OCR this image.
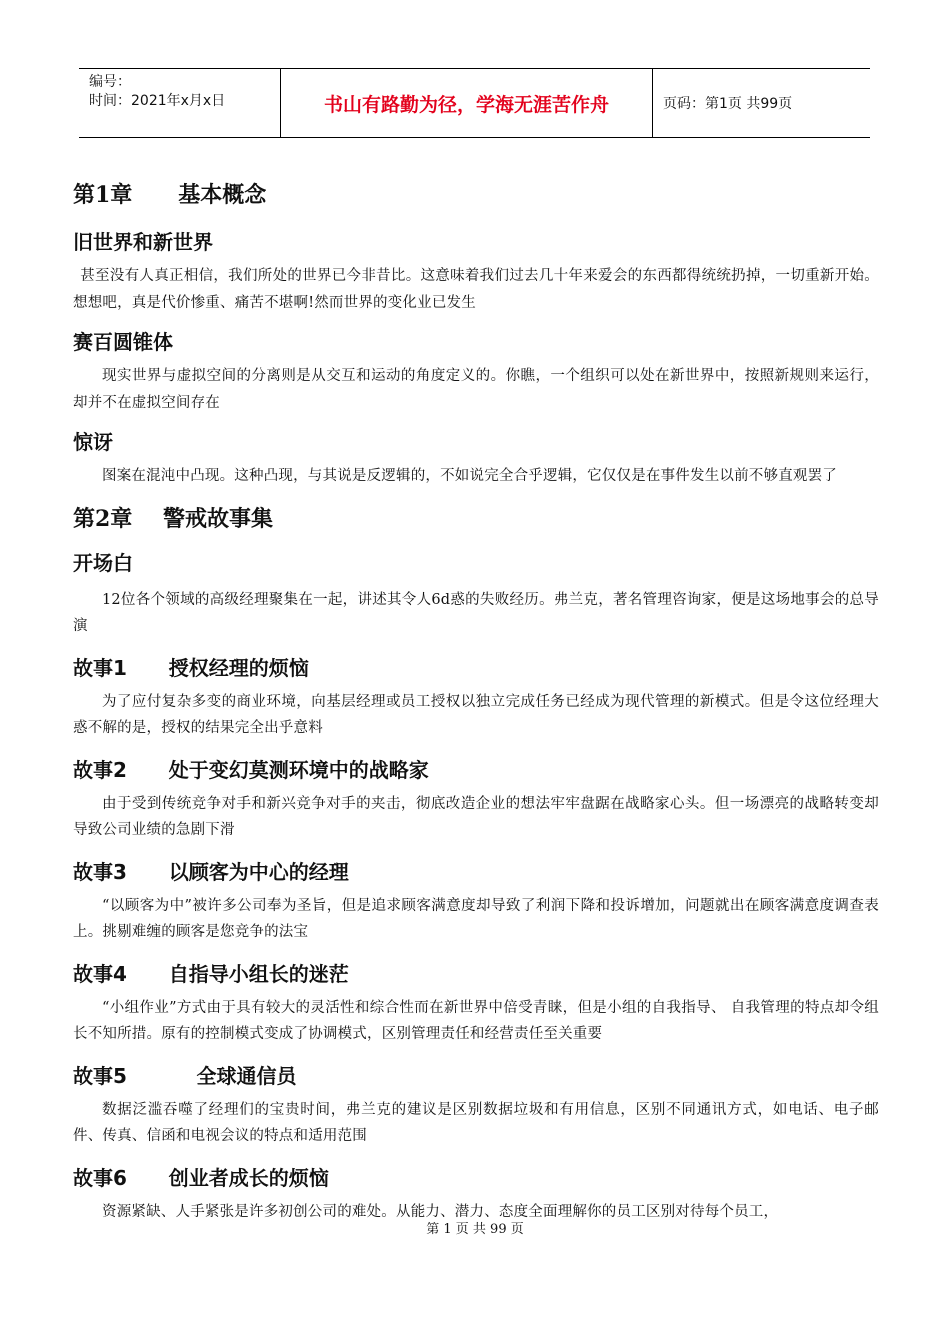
编号：
时间：2021年x月x日	书山有路勤为径，学海无涯苦作舟	页码：第1页 共99页
第1章      基本概念
旧世界和新世界

甚至没有人真正相信，我们所处的世界已今非昔比。这意味着我们过去几十年来爱会的东西都得统统扔掉，一切重新开始。想想吧，真是代价惨重、痛苦不堪啊!然而世界的变化业已发生

赛百圆锥体

现实世界与虚拟空间的分离则是从交互和运动的角度定义的。你瞧，一个组织可以处在新世界中，按照新规则来运行，却并不在虚拟空间存在

惊讶

图案在混沌中凸现。这种凸现，与其说是反逻辑的，不如说完全合乎逻辑，它仅仅是在事件发生以前不够直观罢了

第2章    警戒故事集
开场白

12位各个领域的高级经理聚集在一起，讲述其令人6d惑的失败经历。弗兰克，著名管理咨询家，便是这场地事会的总导演

故事1      授权经理的烦恼

为了应付复杂多变的商业环境，向基层经理或员工授权以独立完成任务已经成为现代管理的新模式。但是令这位经理大惑不解的是，授权的结果完全出乎意料

故事2      处于变幻莫测环境中的战略家

由于受到传统竞争对手和新兴竞争对手的夹击，彻底改造企业的想法牢牢盘踞在战略家心头。但一场漂亮的战略转变却导致公司业绩的急剧下滑

故事3      以顾客为中心的经理

“以顾客为中”被许多公司奉为圣旨，但是追求顾客满意度却导致了利润下降和投诉增加，问题就出在顾客满意度调查表上。挑剔难缠的顾客是您竞争的法宝

故事4      自指导小组长的迷茫

“小组作业”方式由于具有较大的灵活性和综合性而在新世界中倍受青睐，但是小组的自我指导、 自我管理的特点却令组长不知所措。原有的控制模式变成了协调模式，区别管理责任和经营责任至关重要

故事5          全球通信员

数据泛滥吞噬了经理们的宝贵时间，弗兰克的建议是区别数据垃圾和有用信息，区别不同通讯方式，如电话、电子邮件、传真、信函和电视会议的特点和适用范围

故事6      创业者成长的烦恼

资源紧缺、人手紧张是许多初创公司的难处。从能力、潜力、态度全面理解你的员工区别对待每个员工，

第 1 页 共 99 页
